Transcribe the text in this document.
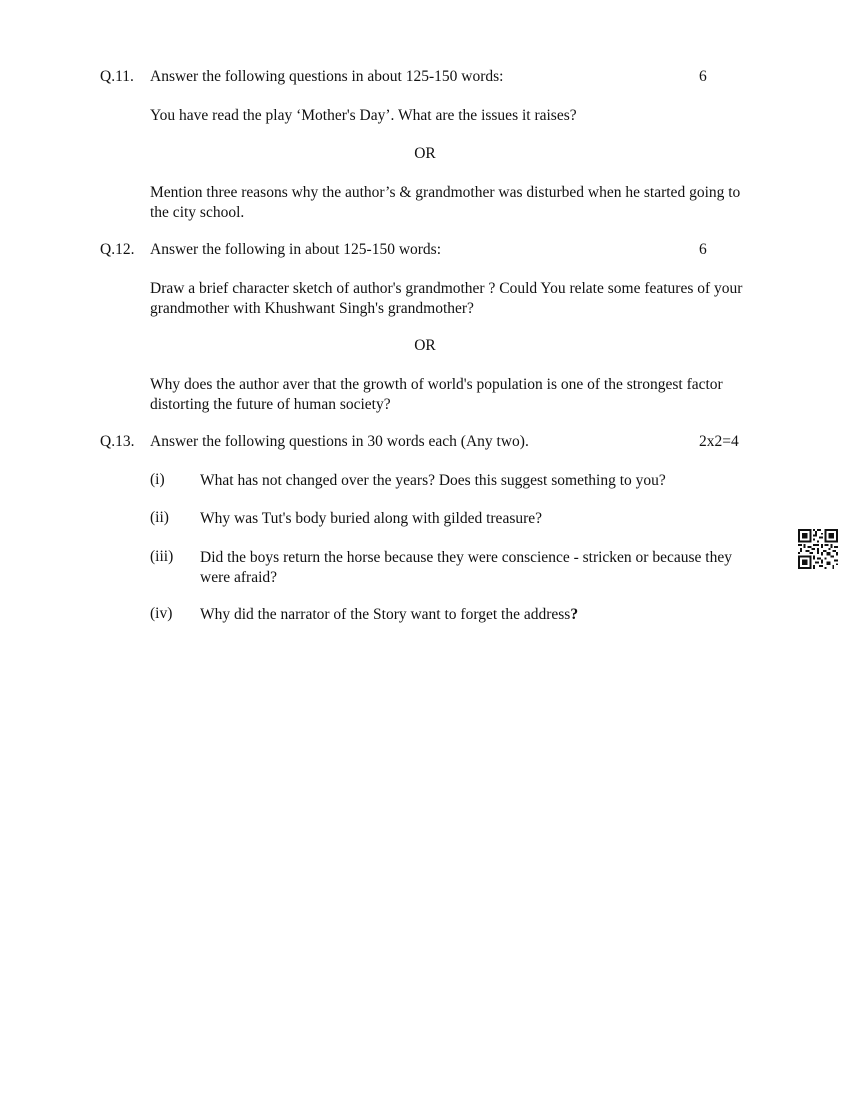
Q.11. Answer the following questions in about 125-150 words:	6
You have read the play ‘Mother's Day’. What are the issues it raises?
OR
Mention three reasons why the author’s & grandmother was disturbed when he started going to the city school.
Q.12. Answer the following in about 125-150 words:	6
Draw a brief character sketch of author's grandmother ? Could You relate some features of your grandmother with Khushwant Singh's grandmother?
OR
Why does the author aver that the growth of world's population is one of the strongest factor distorting the future of human society?
Q.13. Answer the following questions in 30 words each (Any two).	2x2=4
(i) What has not changed over the years? Does this suggest something to you?
(ii) Why was Tut's body buried along with gilded treasure?
(iii) Did the boys return the horse because they were conscience - stricken or because they were afraid?
(iv) Why did the narrator of the Story want to forget the address?
